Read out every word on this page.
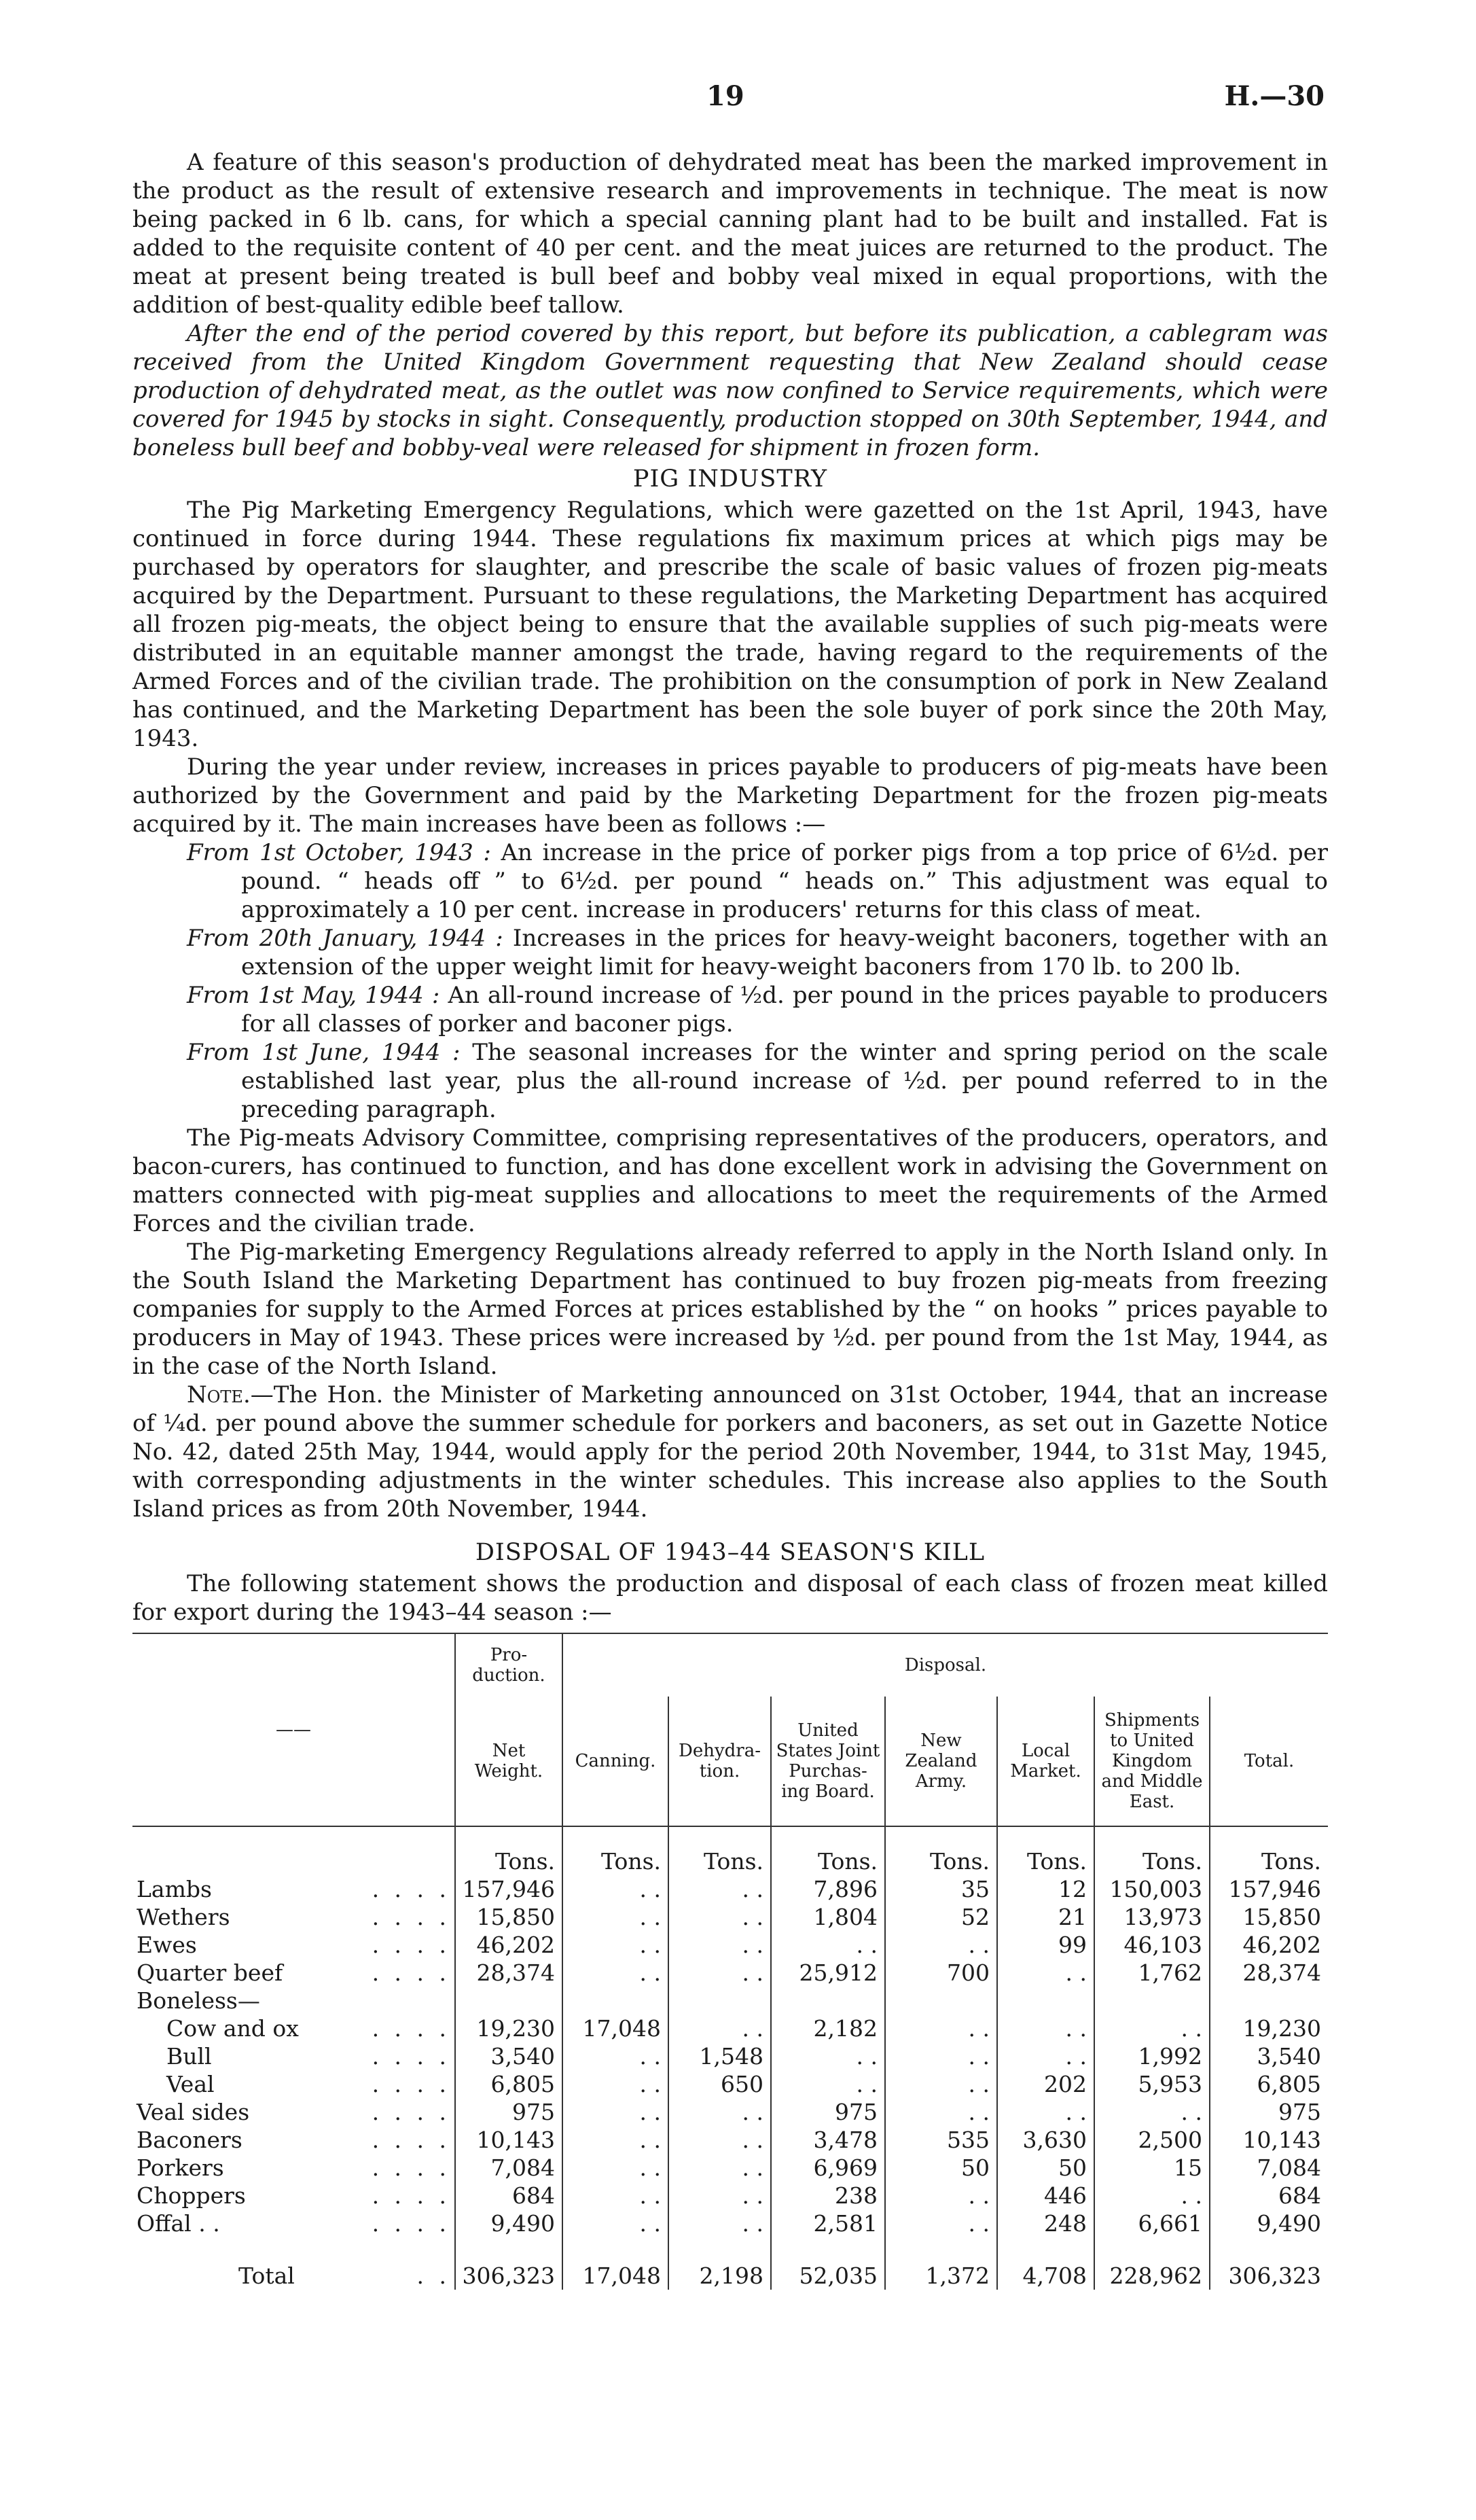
19	H.—30

A feature of this season's production of dehydrated meat has been the marked improvement in the product as the result of extensive research and improvements in technique. The meat is now being packed in 6 lb. cans, for which a special canning plant had to be built and installed. Fat is added to the requisite content of 40 per cent. and the meat juices are returned to the product. The meat at present being treated is bull beef and bobby veal mixed in equal proportions, with the addition of best-quality edible beef tallow.

After the end of the period covered by this report, but before its publication, a cablegram was received from the United Kingdom Government requesting that New Zealand should cease production of dehydrated meat, as the outlet was now confined to Service requirements, which were covered for 1945 by stocks in sight. Consequently, production stopped on 30th September, 1944, and boneless bull beef and bobby-veal were released for shipment in frozen form.

PIG INDUSTRY

The Pig Marketing Emergency Regulations, which were gazetted on the 1st April, 1943, have continued in force during 1944. These regulations fix maximum prices at which pigs may be purchased by operators for slaughter, and prescribe the scale of basic values of frozen pig-meats acquired by the Department. Pursuant to these regulations, the Marketing Department has acquired all frozen pig-meats, the object being to ensure that the available supplies of such pig-meats were distributed in an equitable manner amongst the trade, having regard to the requirements of the Armed Forces and of the civilian trade. The prohibition on the consumption of pork in New Zealand has continued, and the Marketing Department has been the sole buyer of pork since the 20th May, 1943.

During the year under review, increases in prices payable to producers of pig-meats have been authorized by the Government and paid by the Marketing Department for the frozen pig-meats acquired by it. The main increases have been as follows :—

From 1st October, 1943 : An increase in the price of porker pigs from a top price of 6½d. per pound. “ heads off ” to 6½d. per pound “ heads on.” This adjustment was equal to approximately a 10 per cent. increase in producers' returns for this class of meat.

From 20th January, 1944 : Increases in the prices for heavy-weight baconers, together with an extension of the upper weight limit for heavy-weight baconers from 170 lb. to 200 lb.

From 1st May, 1944 : An all-round increase of ½d. per pound in the prices payable to producers for all classes of porker and baconer pigs.

From 1st June, 1944 : The seasonal increases for the winter and spring period on the scale established last year, plus the all-round increase of ½d. per pound referred to in the preceding paragraph.

The Pig-meats Advisory Committee, comprising representatives of the producers, operators, and bacon-curers, has continued to function, and has done excellent work in advising the Government on matters connected with pig-meat supplies and allocations to meet the requirements of the Armed Forces and the civilian trade.

The Pig-marketing Emergency Regulations already referred to apply in the North Island only. In the South Island the Marketing Department has continued to buy frozen pig-meats from freezing companies for supply to the Armed Forces at prices established by the “ on hooks ” prices payable to producers in May of 1943. These prices were increased by ½d. per pound from the 1st May, 1944, as in the case of the North Island.

Note.—The Hon. the Minister of Marketing announced on 31st October, 1944, that an increase of ¼d. per pound above the summer schedule for porkers and baconers, as set out in Gazette Notice No. 42, dated 25th May, 1944, would apply for the period 20th November, 1944, to 31st May, 1945, with corresponding adjustments in the winter schedules. This increase also applies to the South Island prices as from 20th November, 1944.

DISPOSAL OF 1943–44 SEASON'S KILL

The following statement shows the production and disposal of each class of frozen meat killed for export during the 1943–44 season :—

——	Pro-duction.	Disposal.						
	Net Weight.	Canning.	Dehydra-tion.	United States Joint Purchas-ing Board.	New Zealand Army.	Local Market.	Shipments to United Kingdom and Middle East.	Total.
	Tons.	Tons.	Tons.	Tons.	Tons.	Tons.	Tons.	Tons.
Lambs . . . .	157,946	. .	. .	7,896	35	12	150,003	157,946
Wethers . . . .	15,850	. .	. .	1,804	52	21	13,973	15,850
Ewes . . . .	46,202	. .	. .	. .	. .	99	46,103	46,202
Quarter beef . . . .	28,374	. .	. .	25,912	700	. .	1,762	28,374
Boneless—								
Cow and ox . . . .	19,230	17,048	. .	2,182	. .	. .	. .	19,230
Bull . . . .	3,540	. .	1,548	. .	. .	. .	1,992	3,540
Veal . . . .	6,805	. .	650	. .	. .	202	5,953	6,805
Veal sides . . . .	975	. .	. .	975	. .	. .	. .	975
Baconers . . . .	10,143	. .	. .	3,478	535	3,630	2,500	10,143
Porkers . . . .	7,084	. .	. .	6,969	50	50	15	7,084
Choppers . . . .	684	. .	. .	238	. .	446	. .	684
Offal . . . . . .	9,490	. .	. .	2,581	. .	248	6,661	9,490
Total . .	306,323	17,048	2,198	52,035	1,372	4,708	228,962	306,323
